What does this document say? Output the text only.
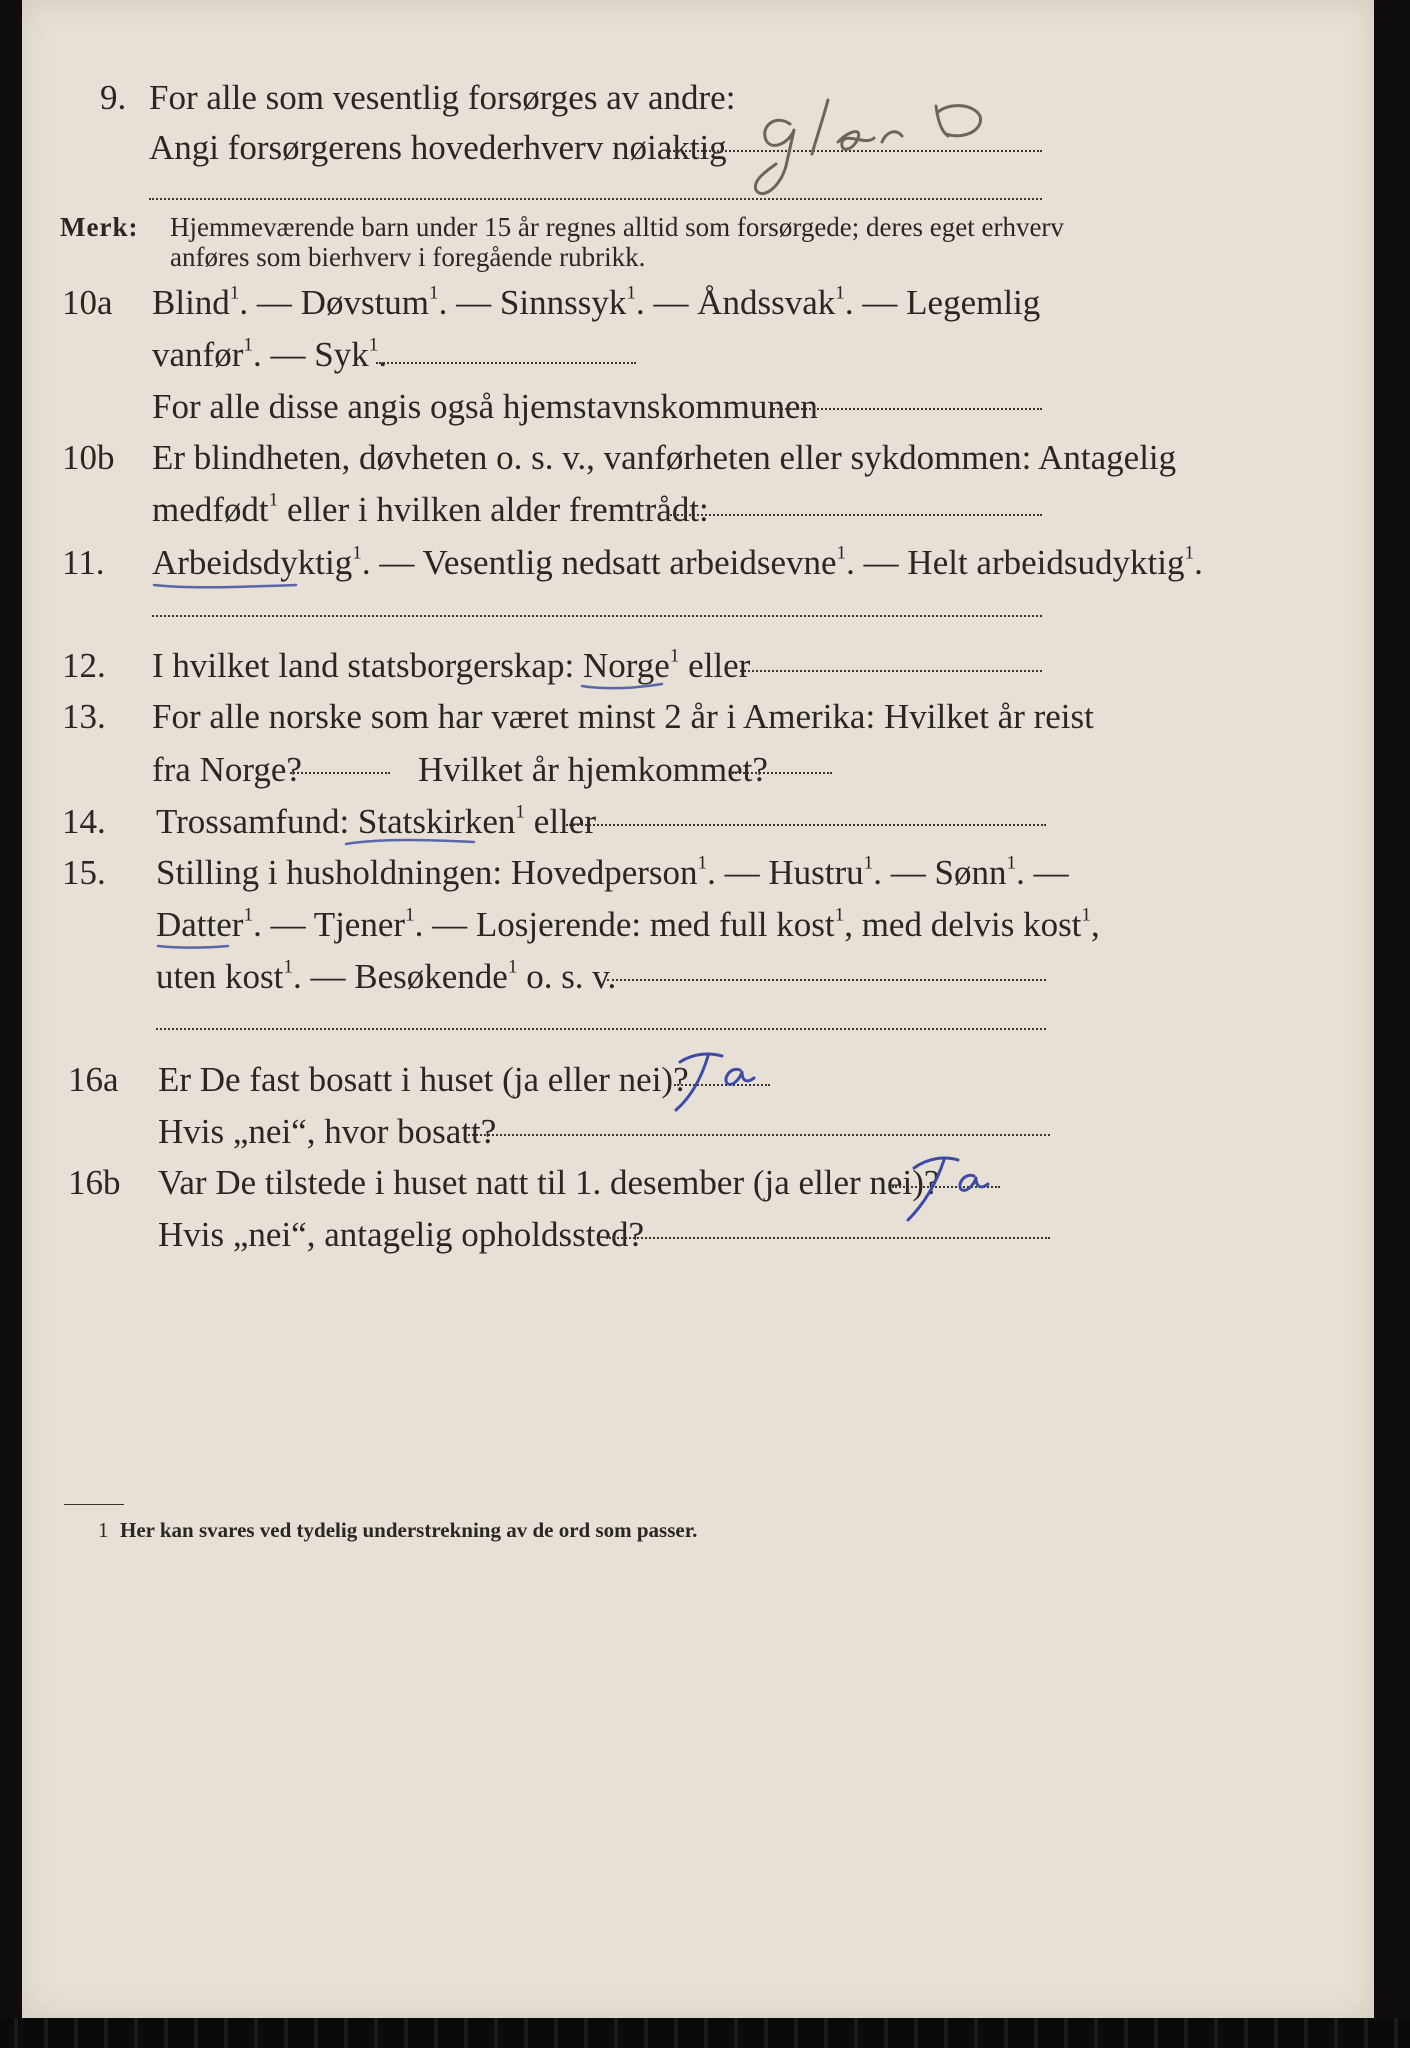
9. For alle som vesentlig forsørges av andre:
Angi forsørgerens hovederhverv nøiaktig
Merk: Hjemmeværende barn under 15 år regnes alltid som forsørgede; deres eget erhverv
anføres som bierhverv i foregående rubrikk.
10a Blind$^1$. — Døvstum$^1$. — Sinnssyk$^1$. — Åndssvak$^1$. — Legemlig
vanfør$^1$. — Syk$^1$.
For alle disse angis også hjemstavnskommunen
10b Er blindheten, døvheten o. s. v., vanførheten eller sykdommen: Antagelig
medfødt$^1$ eller i hvilken alder fremtrådt:
11. Arbeidsdyktig$^1$. — Vesentlig nedsatt arbeidsevne$^1$. — Helt arbeidsudyktig$^1$.
12. I hvilket land statsborgerskap: Norge$^1$ eller
13. For alle norske som har været minst 2 år i Amerika: Hvilket år reist
fra Norge?	Hvilket år hjemkommet?
14. Trossamfund: Statskirken$^1$ eller
15. Stilling i husholdningen: Hovedperson$^1$. — Hustru$^1$. — Sønn$^1$. —
Datter$^1$. — Tjener$^1$. — Losjerende: med full kost$^1$, med delvis kost$^1$,
uten kost$^1$. — Besøkende$^1$ o. s. v.
16a Er De fast bosatt i huset (ja eller nei)?
Hvis „nei“, hvor bosatt?
16b Var De tilstede i huset natt til 1. desember (ja eller nei)?
Hvis „nei“, antagelig opholdssted?
1 Her kan svares ved tydelig understrekning av de ord som passer.
